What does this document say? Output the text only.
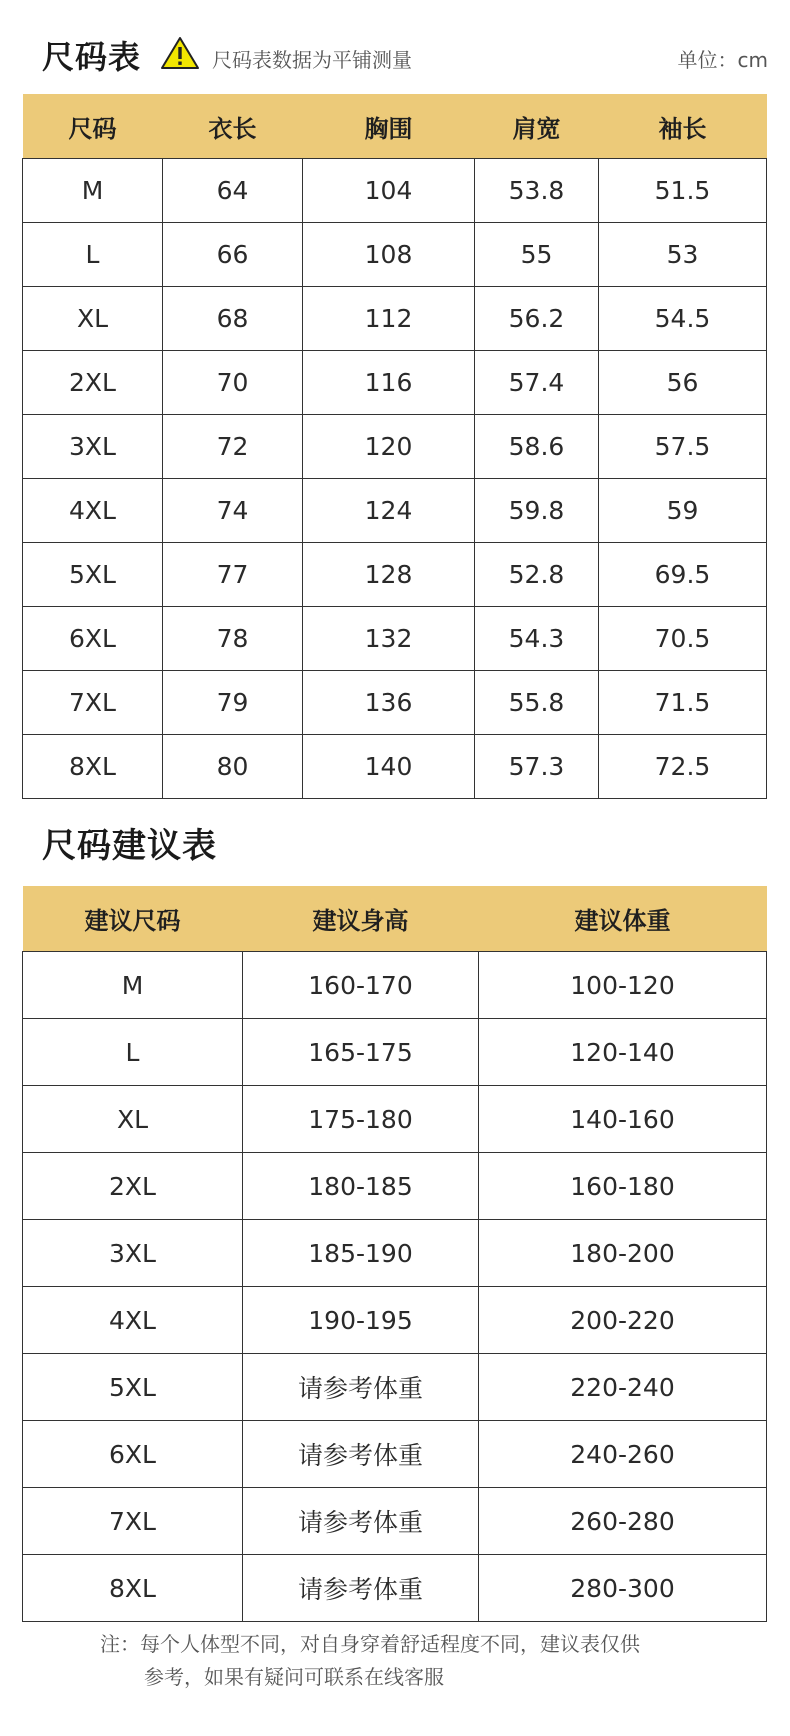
尺码表	尺码表数据为平铺测量	单位：cm
尺码	衣长	胸围	肩宽	袖长
M	64	104	53.8	51.5
L	66	108	55	53
XL	68	112	56.2	54.5
2XL	70	116	57.4	56
3XL	72	120	58.6	57.5
4XL	74	124	59.8	59
5XL	77	128	52.8	69.5
6XL	78	132	54.3	70.5
7XL	79	136	55.8	71.5
8XL	80	140	57.3	72.5
尺码建议表
建议尺码	建议身高	建议体重
M	160-170	100-120
L	165-175	120-140
XL	175-180	140-160
2XL	180-185	160-180
3XL	185-190	180-200
4XL	190-195	200-220
5XL	请参考体重	220-240
6XL	请参考体重	240-260
7XL	请参考体重	260-280
8XL	请参考体重	280-300
注：每个人体型不同，对自身穿着舒适程度不同，建议表仅供
参考，如果有疑问可联系在线客服
